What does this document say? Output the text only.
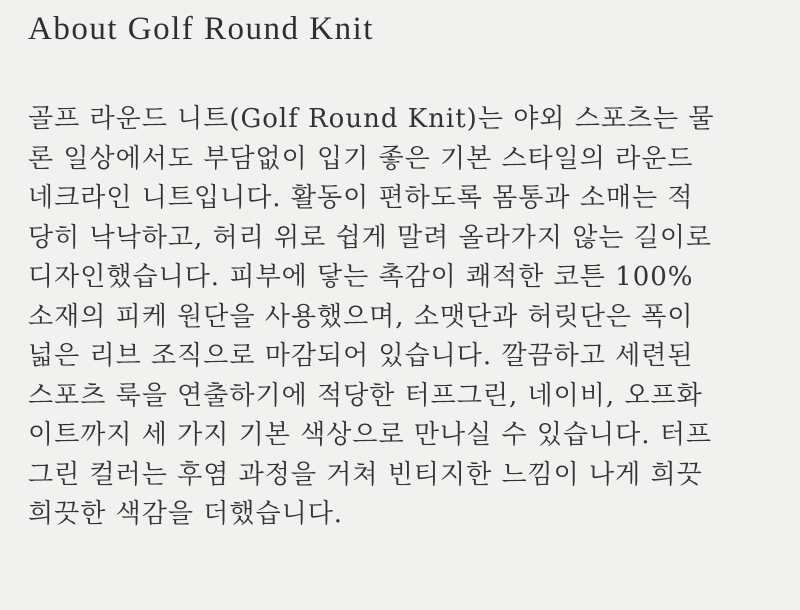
About Golf Round Knit
골프 라운드 니트(Golf Round Knit)는 야외 스포츠는 물
론 일상에서도 부담없이 입기 좋은 기본 스타일의 라운드
네크라인 니트입니다. 활동이 편하도록 몸통과 소매는 적
당히 낙낙하고, 허리 위로 쉽게 말려 올라가지 않는 길이로
디자인했습니다. 피부에 닿는 촉감이 쾌적한 코튼 100%
소재의 피케 원단을 사용했으며, 소맷단과 허릿단은 폭이
넓은 리브 조직으로 마감되어 있습니다. 깔끔하고 세련된
스포츠 룩을 연출하기에 적당한 터프그린, 네이비, 오프화
이트까지 세 가지 기본 색상으로 만나실 수 있습니다. 터프
그린 컬러는 후염 과정을 거쳐 빈티지한 느낌이 나게 희끗
희끗한 색감을 더했습니다.
